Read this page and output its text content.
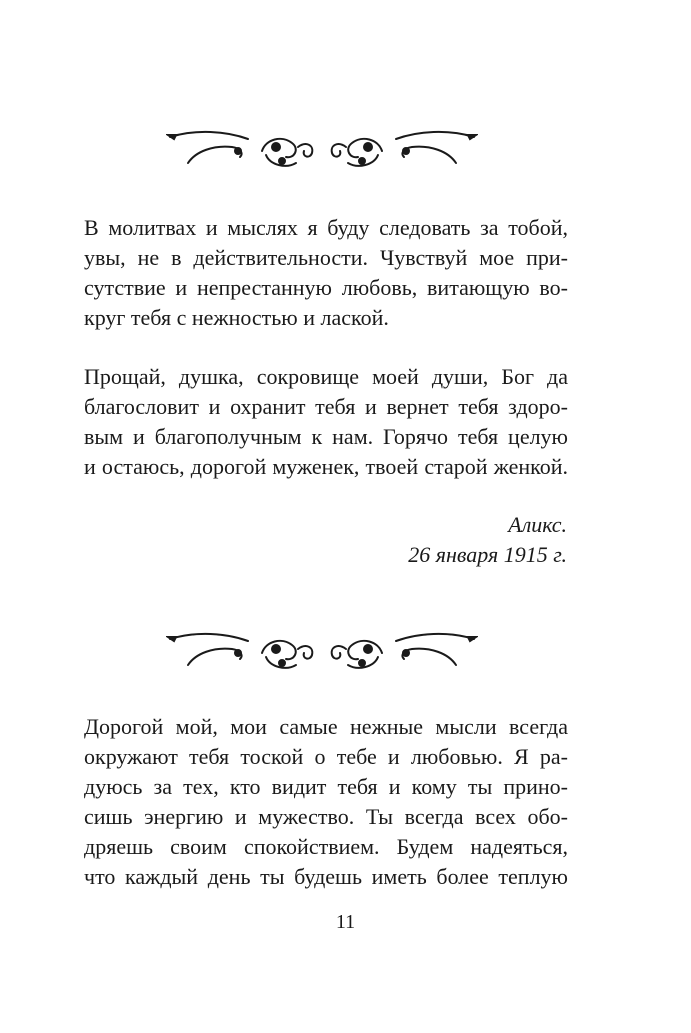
В молитвах и мыслях я буду следовать за тобой,
увы, не в действительности. Чувствуй мое при-
сутствие и непрестанную любовь, витающую во-
круг тебя с нежностью и лаской.

Прощай, душка, сокровище моей души, Бог да
благословит и охранит тебя и вернет тебя здоро-
вым и благополучным к нам. Горячо тебя целую
и остаюсь, дорогой муженек, твоей старой женкой.

Аликс.

26 января 1915 г.

Дорогой мой, мои самые нежные мысли всегда
окружают тебя тоской о тебе и любовью. Я ра-
дуюсь за тех, кто видит тебя и кому ты прино-
сишь энергию и мужество. Ты всегда всех обо-
дряешь своим спокойствием. Будем надеяться,
что каждый день ты будешь иметь более теплую

11
